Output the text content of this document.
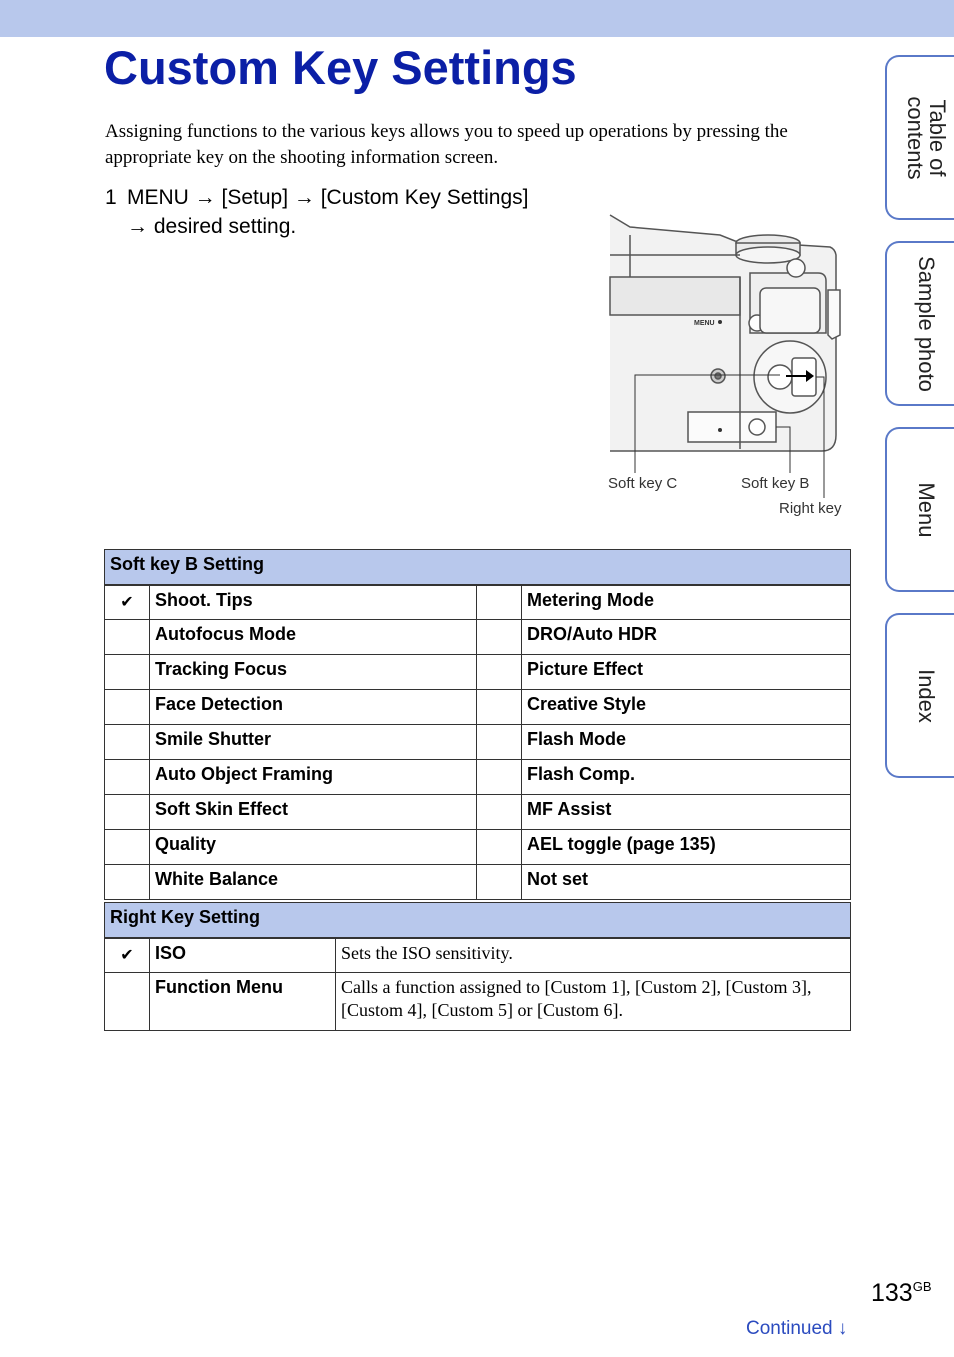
Custom Key Settings

Assigning functions to the various keys allows you to speed up operations by pressing the appropriate key on the shooting information screen.

1 MENU → [Setup] → [Custom Key Settings]
→ desired setting.
MENU
Soft key C	Soft key B
Right key
Table of contents
Sample photo
Menu
Index
Soft key B Setting			
✔	Shoot. Tips		Metering Mode
	Autofocus Mode		DRO/Auto HDR
	Tracking Focus		Picture Effect
	Face Detection		Creative Style
	Smile Shutter		Flash Mode
	Auto Object Framing		Flash Comp.
	Soft Skin Effect		MF Assist
	Quality		AEL toggle (page 135)
	White Balance		Not set
Right Key Setting		
✔	ISO	Sets the ISO sensitivity.
	Function Menu	Calls a function assigned to [Custom 1], [Custom 2], [Custom 3], [Custom 4], [Custom 5] or [Custom 6].
$133^{GB}$
Continued ↓
